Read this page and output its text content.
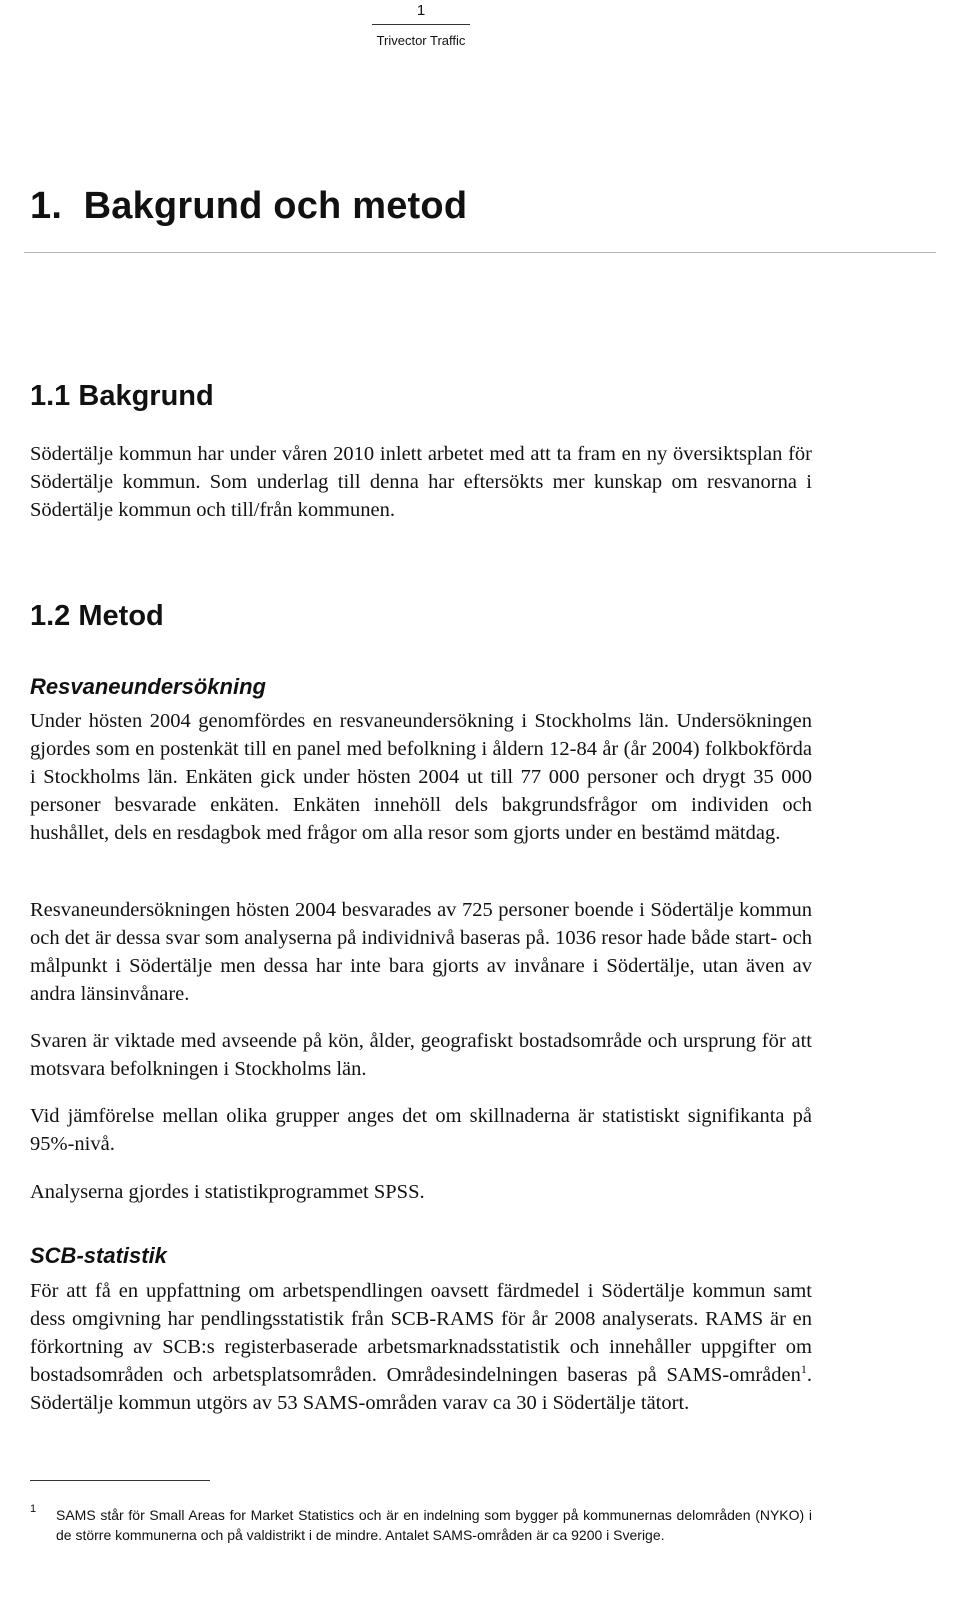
1
Trivector Traffic
1.  Bakgrund och metod
1.1 Bakgrund

Södertälje kommun har under våren 2010 inlett arbetet med att ta fram en ny översiktsplan för Södertälje kommun. Som underlag till denna har eftersökts mer kunskap om resvanorna i Södertälje kommun och till/från kommunen.

1.2 Metod
Resvaneundersökning

Under hösten 2004 genomfördes en resvaneundersökning i Stockholms län. Undersökningen gjordes som en postenkät till en panel med befolkning i åldern 12-84 år (år 2004) folkbokförda i Stockholms län. Enkäten gick under hösten 2004 ut till 77 000 personer och drygt 35 000 personer besvarade enkäten. Enkäten innehöll dels bakgrundsfrågor om individen och hushållet, dels en resdagbok med frågor om alla resor som gjorts under en bestämd mätdag.

Resvaneundersökningen hösten 2004 besvarades av 725 personer boende i Södertälje kommun och det är dessa svar som analyserna på individnivå baseras på. 1036 resor hade både start- och målpunkt i Södertälje men dessa har inte bara gjorts av invånare i Södertälje, utan även av andra länsinvånare.

Svaren är viktade med avseende på kön, ålder, geografiskt bostadsområde och ursprung för att motsvara befolkningen i Stockholms län.

Vid jämförelse mellan olika grupper anges det om skillnaderna är statistiskt signifikanta på 95%-nivå.

Analyserna gjordes i statistikprogrammet SPSS.

SCB-statistik

För att få en uppfattning om arbetspendlingen oavsett färdmedel i Södertälje kommun samt dess omgivning har pendlingsstatistik från SCB-RAMS för år 2008 analyserats. RAMS är en förkortning av SCB:s registerbaserade arbetsmarknadsstatistik och innehåller uppgifter om bostadsområden och arbetsplatsområden. Områdesindelningen baseras på SAMS-områden$^1$. Södertälje kommun utgörs av 53 SAMS-områden varav ca 30 i Södertälje tätort.

1 SAMS står för Small Areas for Market Statistics och är en indelning som bygger på kommunernas delområden (NYKO) i de större kommunerna och på valdistrikt i de mindre. Antalet SAMS-områden är ca 9200 i Sverige.
